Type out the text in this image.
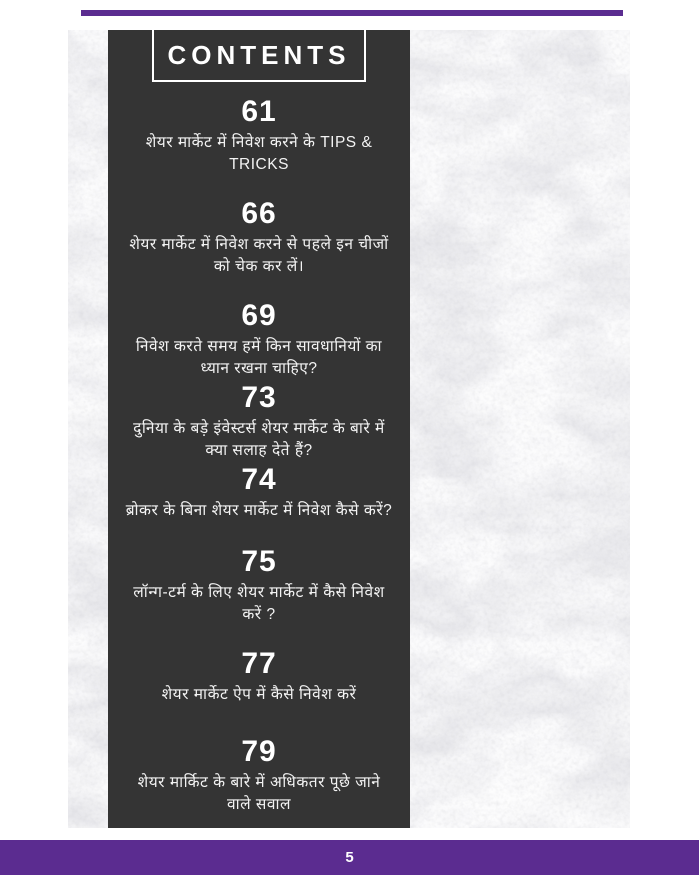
CONTENTS
61
शेयर मार्केट में निवेश करने के TIPS & TRICKS
66
शेयर मार्केट में निवेश करने से पहले इन चीजों को चेक कर लें।
69
निवेश करते समय हमें किन सावधानियों का ध्यान रखना चाहिए?
73
दुनिया के बड़े इंवेस्टर्स शेयर मार्केट के बारे में क्या सलाह देते हैं?
74
ब्रोकर के बिना शेयर मार्केट में निवेश कैसे करें?
75
लॉन्ग-टर्म के लिए शेयर मार्केट में कैसे निवेश करें ?
77
शेयर मार्केट ऐप में कैसे निवेश करें
79
शेयर मार्किट के बारे में अधिकतर पूछे जाने वाले सवाल
5
